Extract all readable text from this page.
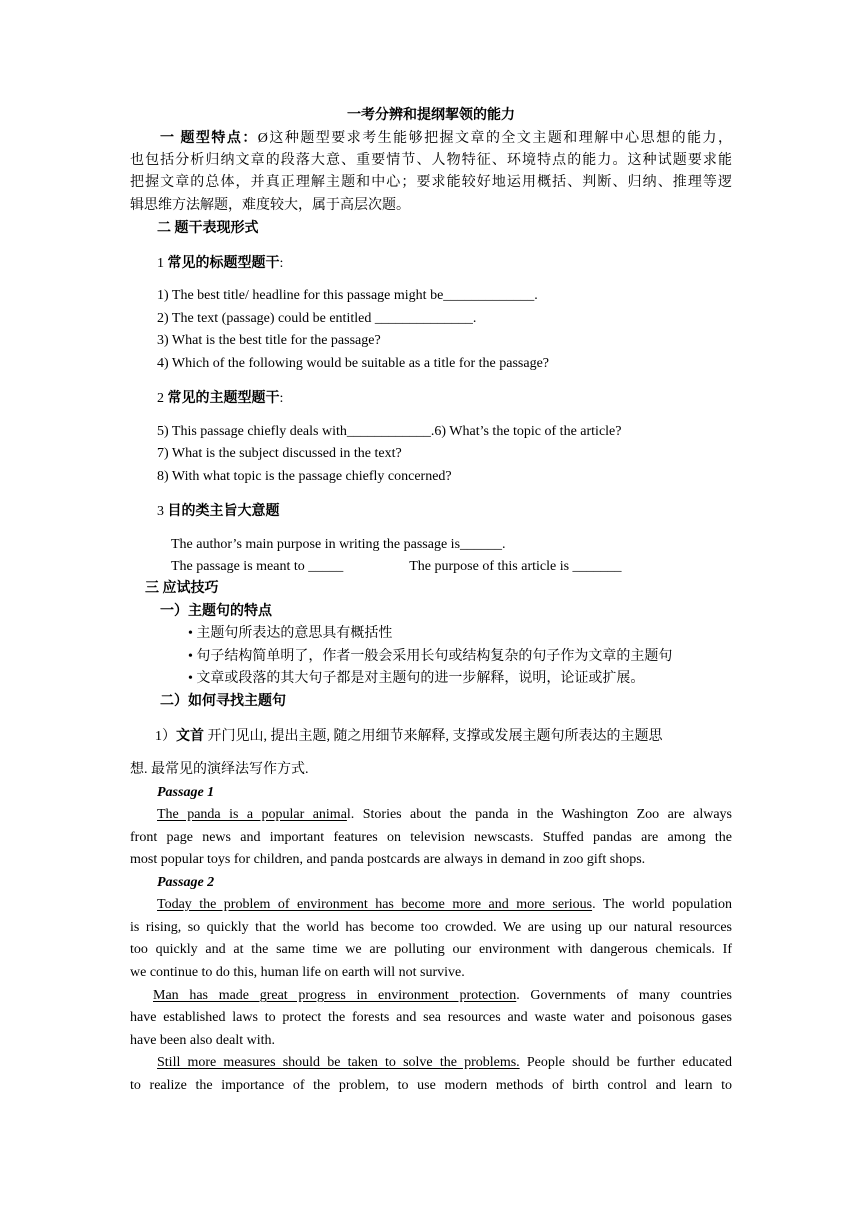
一考分辨和提纲挈领的能力
一 题型特点：Ø这种题型要求考生能够把握文章的全文主题和理解中心思想的能力，
也包括分析归纳文章的段落大意、重要情节、人物特征、环境特点的能力。这种试题要求能
把握文章的总体，并真正理解主题和中心；要求能较好地运用概括、判断、归纳、推理等逻
辑思维方法解题，难度较大，属于高层次题。
二 题干表现形式
1 常见的标题型题干:
1) The best title/ headline for this passage might be_____________.
2) The text (passage) could be entitled ______________.
3) What is the best title for the passage?
4) Which of the following would be suitable as a title for the passage?
2 常见的主题型题干:
5) This passage chiefly deals with____________.6) What’s the topic of the article?
7) What is the subject discussed in the text?
8) With what topic is the passage chiefly concerned?
3 目的类主旨大意题
The author’s main purpose in writing the passage is______.
The passage is meant to _____	The purpose of this article is _______
三 应试技巧
一）主题句的特点
• 主题句所表达的意思具有概括性
• 句子结构简单明了，作者一般会采用长句或结构复杂的句子作为文章的主题句
• 文章或段落的其大句子都是对主题句的进一步解释，说明，论证或扩展。
二）如何寻找主题句
1）文首 开门见山, 提出主题, 随之用细节来解释, 支撑或发展主题句所表达的主题思
想. 最常见的演绎法写作方式.
Passage 1
The panda is a popular animal. Stories about the panda in the Washington Zoo are always
front page news and important features on television newscasts. Stuffed pandas are among the
most popular toys for children, and panda postcards are always in demand in zoo gift shops.
Passage 2
Today the problem of environment has become more and more serious. The world population
is rising, so quickly that the world has become too crowded. We are using up our natural resources
too quickly and at the same time we are polluting our environment with dangerous chemicals. If
we continue to do this, human life on earth will not survive.
Man has made great progress in environment protection. Governments of many countries
have established laws to protect the forests and sea resources and waste water and poisonous gases
have been also dealt with.
Still more measures should be taken to solve the problems. People should be further educated
to realize the importance of the problem, to use modern methods of birth control and learn to
